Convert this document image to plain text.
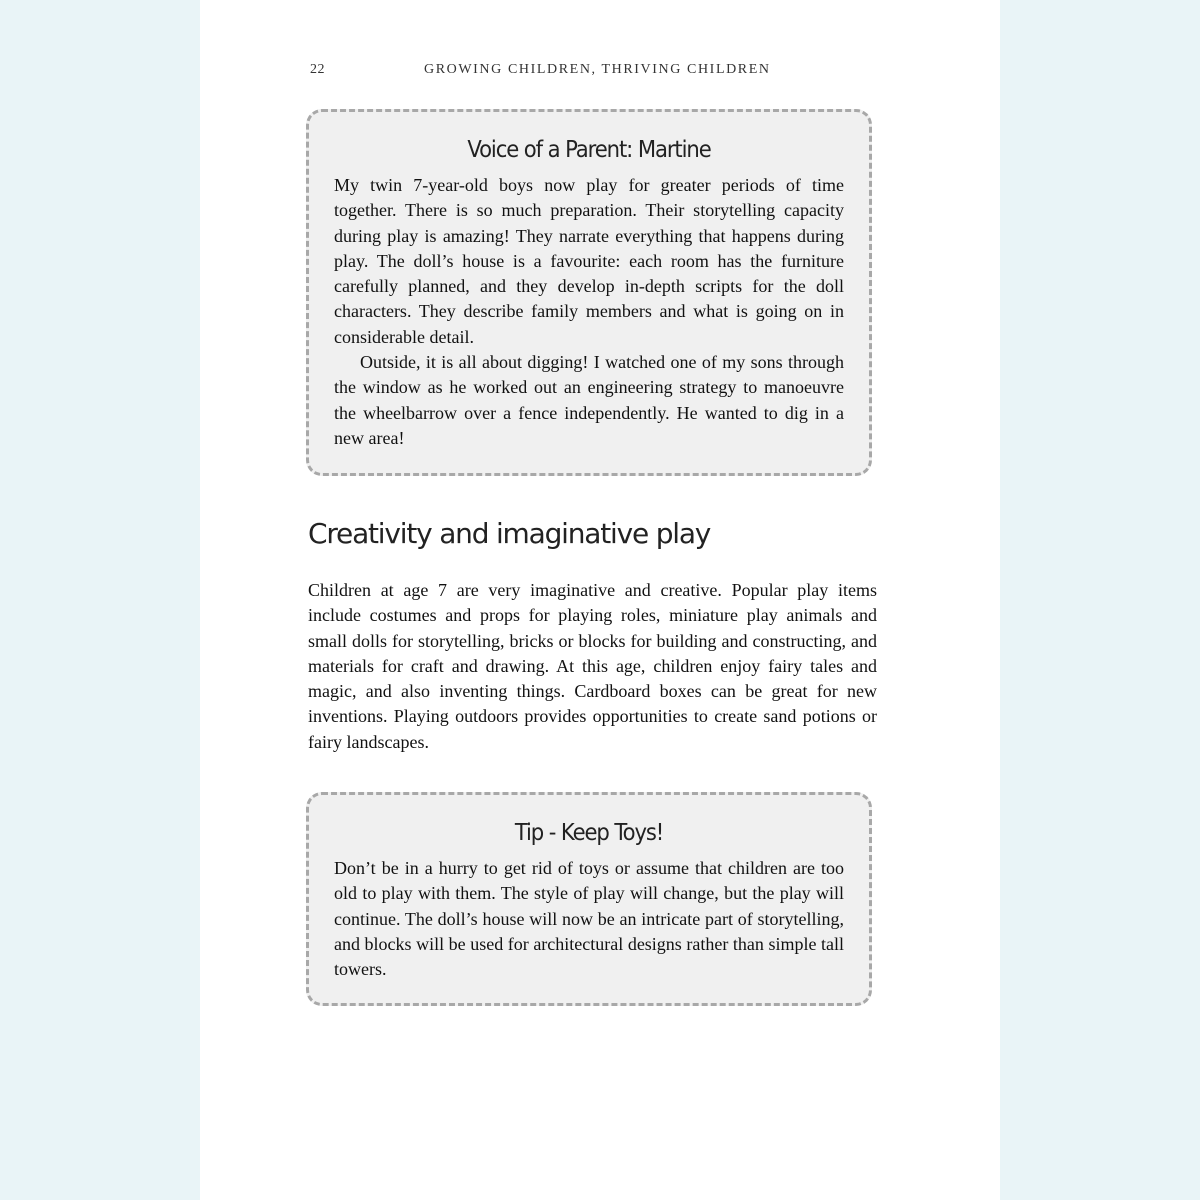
22	GROWING CHILDREN, THRIVING CHILDREN
Voice of a Parent: Martine

My twin 7-year-old boys now play for greater periods of time together. There is so much preparation. Their storytelling capacity during play is amazing! They narrate everything that happens during play. The doll’s house is a favourite: each room has the furniture carefully planned, and they develop in-depth scripts for the doll characters. They describe family members and what is going on in considerable detail.

Outside, it is all about digging! I watched one of my sons through the window as he worked out an engineering strategy to manoeuvre the wheelbarrow over a fence independently. He wanted to dig in a new area!

Creativity and imaginative play

Children at age 7 are very imaginative and creative. Popular play items include costumes and props for playing roles, miniature play animals and small dolls for storytelling, bricks or blocks for building and constructing, and materials for craft and drawing. At this age, children enjoy fairy tales and magic, and also inventing things. Cardboard boxes can be great for new inventions. Playing outdoors provides opportunities to create sand potions or fairy landscapes.

Tip - Keep Toys!

Don’t be in a hurry to get rid of toys or assume that children are too old to play with them. The style of play will change, but the play will continue. The doll’s house will now be an intricate part of storytelling, and blocks will be used for architectural designs rather than simple tall towers.
